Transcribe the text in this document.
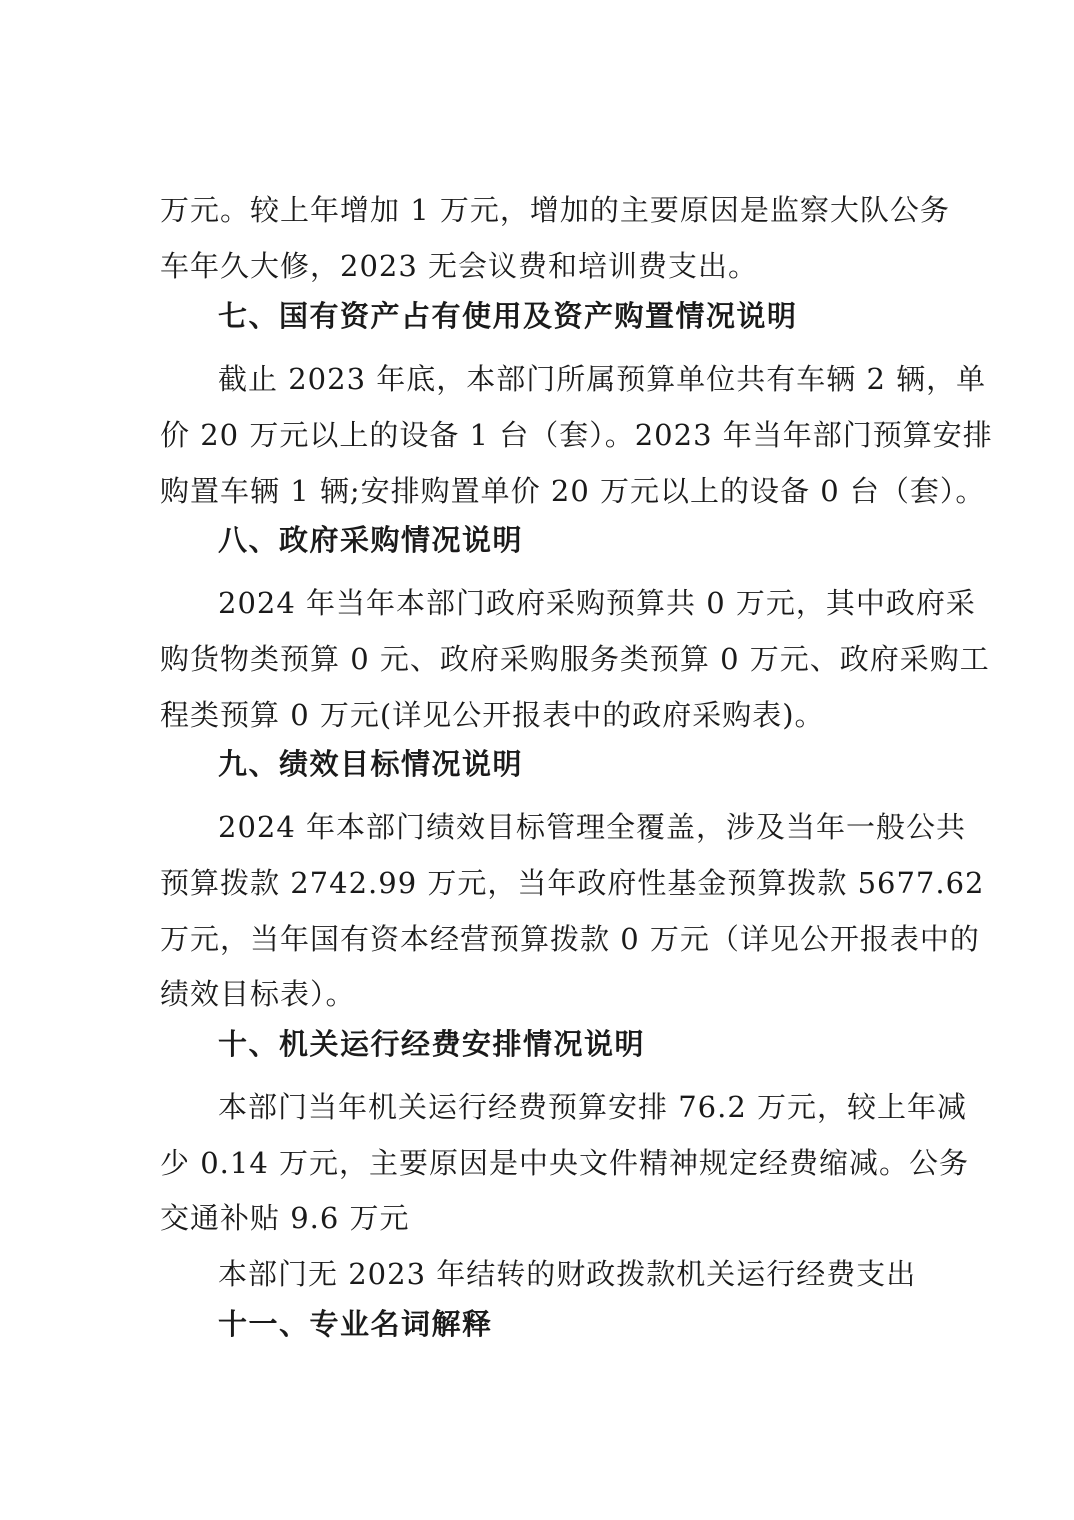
万元。较上年增加 1 万元，增加的主要原因是监察大队公务
车年久大修，2023 无会议费和培训费支出。
七、国有资产占有使用及资产购置情况说明
截止 2023 年底，本部门所属预算单位共有车辆 2 辆，单
价 20 万元以上的设备 1 台（套）。2023 年当年部门预算安排
购置车辆 1 辆;安排购置单价 20 万元以上的设备 0 台（套）。
八、政府采购情况说明
2024 年当年本部门政府采购预算共 0 万元，其中政府采
购货物类预算 0 元、政府采购服务类预算 0 万元、政府采购工
程类预算 0 万元(详见公开报表中的政府采购表)。
九、绩效目标情况说明
2024 年本部门绩效目标管理全覆盖，涉及当年一般公共
预算拨款 2742.99 万元，当年政府性基金预算拨款 5677.62
万元，当年国有资本经营预算拨款 0 万元（详见公开报表中的
绩效目标表）。
十、机关运行经费安排情况说明
本部门当年机关运行经费预算安排 76.2 万元，较上年减
少 0.14 万元，主要原因是中央文件精神规定经费缩减。公务
交通补贴 9.6 万元
本部门无 2023 年结转的财政拨款机关运行经费支出
十一、专业名词解释
